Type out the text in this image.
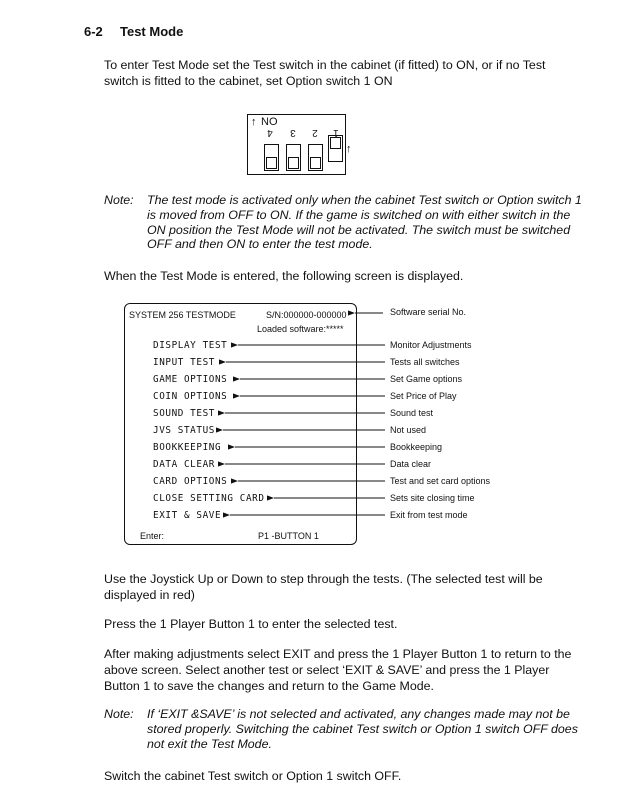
6-2 Test Mode
To enter Test Mode set the Test switch in the cabinet (if fitted) to ON, or if no Test
switch is fitted to the cabinet, set Option switch 1 ON
↑ NO
4 3 2 1
↑
Note: The test mode is activated only when the cabinet Test switch or Option switch 1
is moved from OFF to ON. If the game is switched on with either switch in the
ON position the Test Mode will not be activated. The switch must be switched
OFF and then ON to enter the test mode.
When the Test Mode is entered, the following screen is displayed.
SYSTEM 256 TESTMODE	S/N:000000-000000
Loaded software:*****
DISPLAY TEST
INPUT TEST
GAME OPTIONS
COIN OPTIONS
SOUND TEST
JVS STATUS
BOOKKEEPING
DATA CLEAR
CARD OPTIONS
CLOSE SETTING CARD
EXIT & SAVE
Enter:	P1 -BUTTON 1
Software serial No.
Monitor Adjustments
Tests all switches
Set Game options
Set Price of Play
Sound test
Not used
Bookkeeping
Data clear
Test and set card options
Sets site closing time
Exit from test mode
Use the Joystick Up or Down to step through the tests. (The selected test will be
displayed in red)
Press the 1 Player Button 1 to enter the selected test.
After making adjustments select EXIT and press the 1 Player Button 1 to return to the
above screen. Select another test or select ‘EXIT & SAVE’ and press the 1 Player
Button 1 to save the changes and return to the Game Mode.
Note: If ‘EXIT &SAVE’ is not selected and activated, any changes made may not be
stored properly. Switching the cabinet Test switch or Option 1 switch OFF does
not exit the Test Mode.
Switch the cabinet Test switch or Option 1 switch OFF.
